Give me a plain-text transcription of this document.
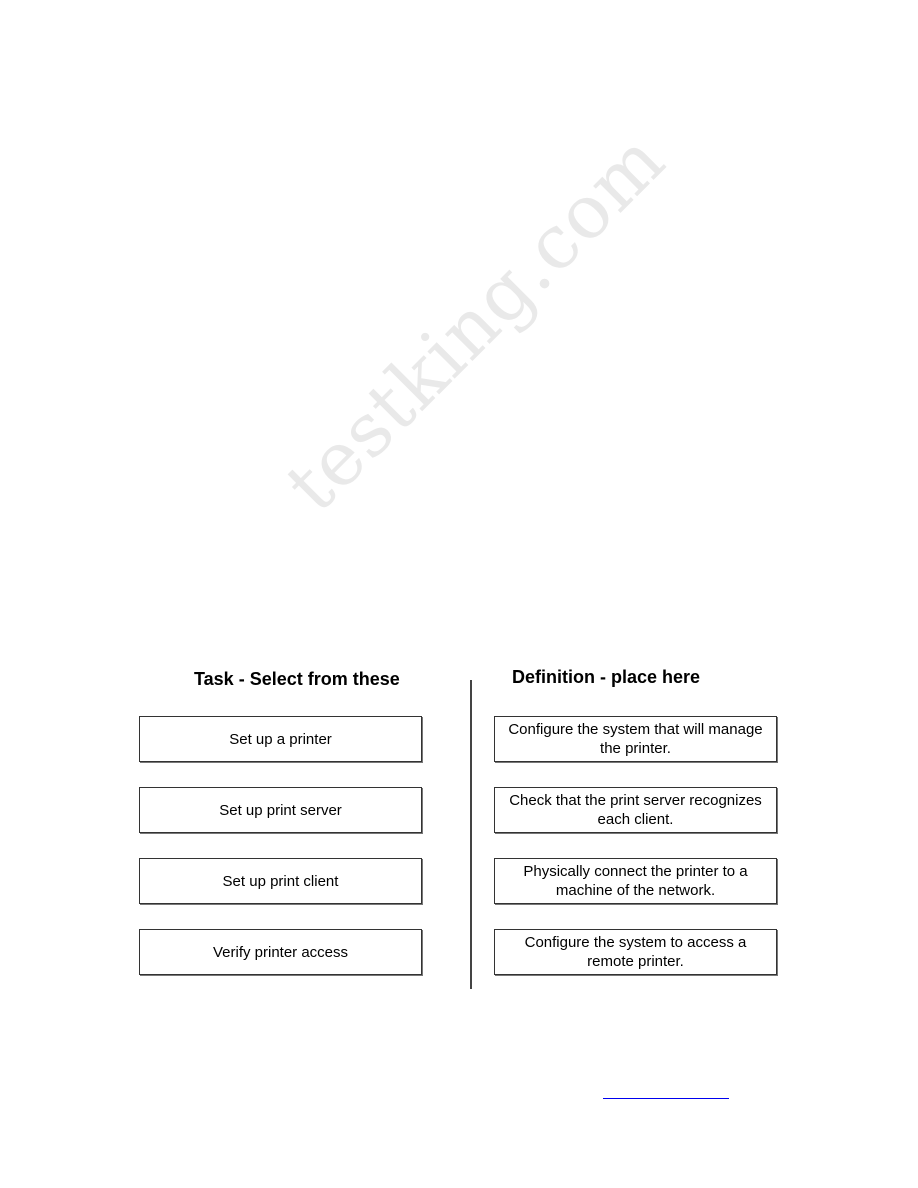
testking.com
Task - Select from these	Definition - place here
Set up a printer
Set up print server
Set up print client
Verify printer access
Configure the system that will manage the printer.
Check that the print server recognizes each client.
Physically connect the printer to a machine of the network.
Configure the system to access a remote printer.
